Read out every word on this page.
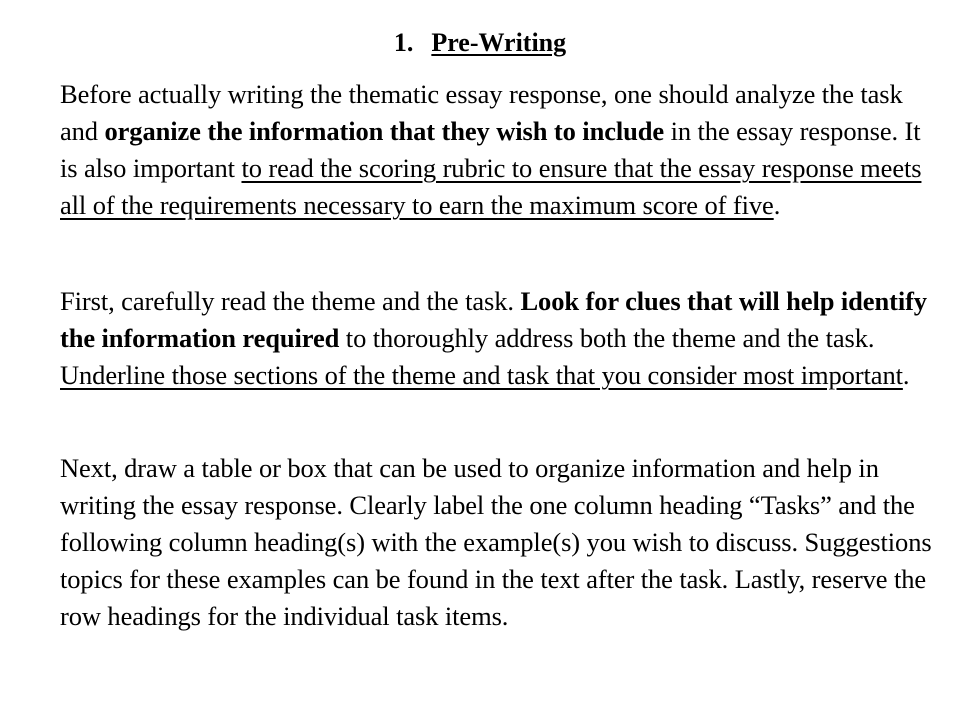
1. Pre-Writing

Before actually writing the thematic essay response, one should analyze the task and organize the information that they wish to include in the essay response. It is also important to read the scoring rubric to ensure that the essay response meets all of the requirements necessary to earn the maximum score of five.

First, carefully read the theme and the task. Look for clues that will help identify the information required to thoroughly address both the theme and the task. Underline those sections of the theme and task that you consider most important.

Next, draw a table or box that can be used to organize information and help in writing the essay response. Clearly label the one column heading “Tasks” and the following column heading(s) with the example(s) you wish to discuss. Suggestions topics for these examples can be found in the text after the task. Lastly, reserve the row headings for the individual task items.
